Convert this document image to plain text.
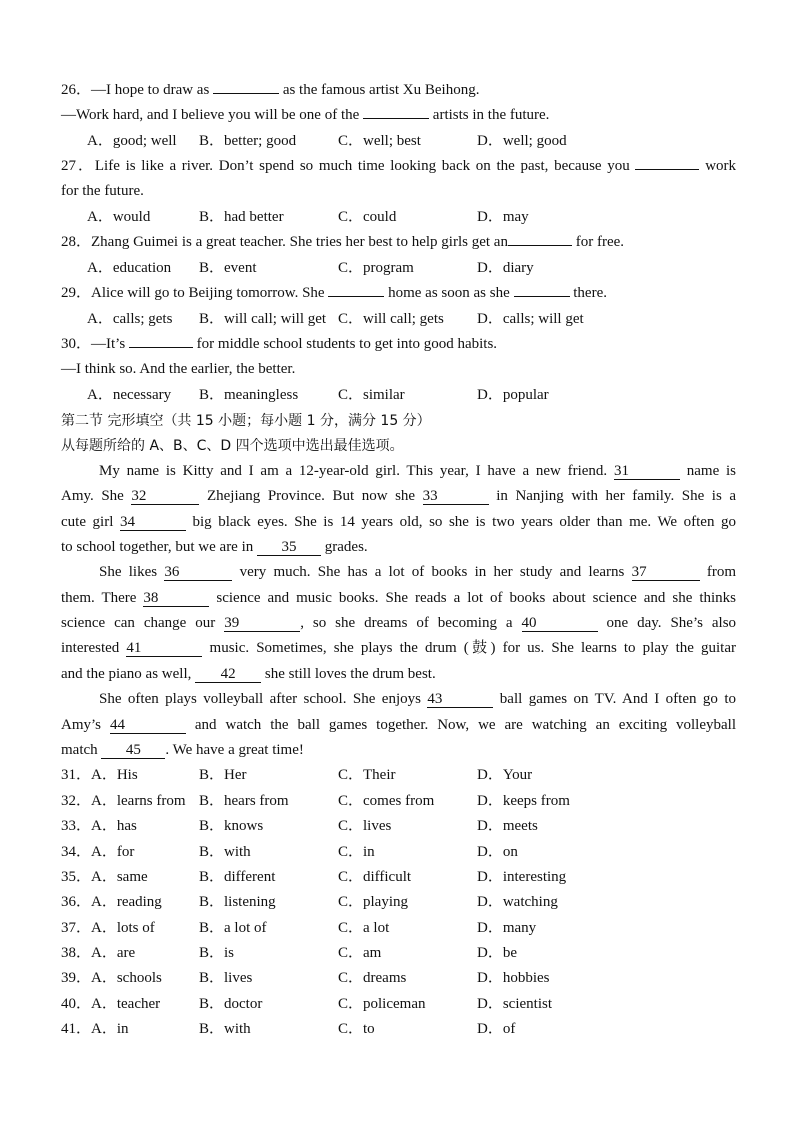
26．—I hope to draw as	as the famous artist Xu Beihong.
—Work hard, and I believe you will be one of the	artists in the future.
A．good; well B．better; good	C．well; best	D．well; good
27．Life is like a river. Don’t spend so much time looking back on the past, because you	work
for the future.
A．would	B．had better	C．could	D．may
28．Zhang Guimei is a great teacher. She tries her best to help girls get an	for free.
A．education B．event	C．program	D．diary
29．Alice will go to Beijing tomorrow. She	home as soon as she	there.
A．calls; gets B．will call; will get C．will call; gets D．calls; will get
30．—It’s	for middle school students to get into good habits.
—I think so. And the earlier, the better.
A．necessary B．meaningless	C．similar	D．popular
第二节 完形填空（共 15 小题；每小题 1 分，满分 15 分）
从每题所给的 A、B、C、D 四个选项中选出最佳选项。
My name is Kitty and I am a 12-year-old girl. This year, I have a new friend. 31	name is
Amy. She 32	Zhejiang Province. But now she 33	in Nanjing with her family. She is a
cute girl 34	big black eyes. She is 14 years old, so she is two years older than me. We often go
to school together, but we are in 35 grades.
She likes 36	very much. She has a lot of books in her study and learns 37	from
them. There 38	science and music books. She reads a lot of books about science and she thinks
science can change our 39	, so she dreams of becoming a 40	one day. She’s also
interested 41	music. Sometimes, she plays the drum (鼓) for us. She learns to play the guitar
and the piano as well, 42 she still loves the drum best.
She often plays volleyball after school. She enjoys 43	ball games on TV. And I often go to
Amy’s 44	and watch the ball games together. Now, we are watching an exciting volleyball
match 45 . We have a great time!
31．A．His	B．Her	C．Their	D．Your
32．A．learns from B．hears from	C．comes from	D．keeps from
33．A．has	B．knows	C．lives	D．meets
34．A．for	B．with	C．in	D．on
35．A．same	B．different	C．difficult	D．interesting
36．A．reading B．listening	C．playing	D．watching
37．A．lots of	B．a lot of	C．a lot	D．many
38．A．are	B．is	C．am	D．be
39．A．schools B．lives	C．dreams	D．hobbies
40．A．teacher	B．doctor	C．policeman	D．scientist
41．A．in	B．with	C．to	D．of
